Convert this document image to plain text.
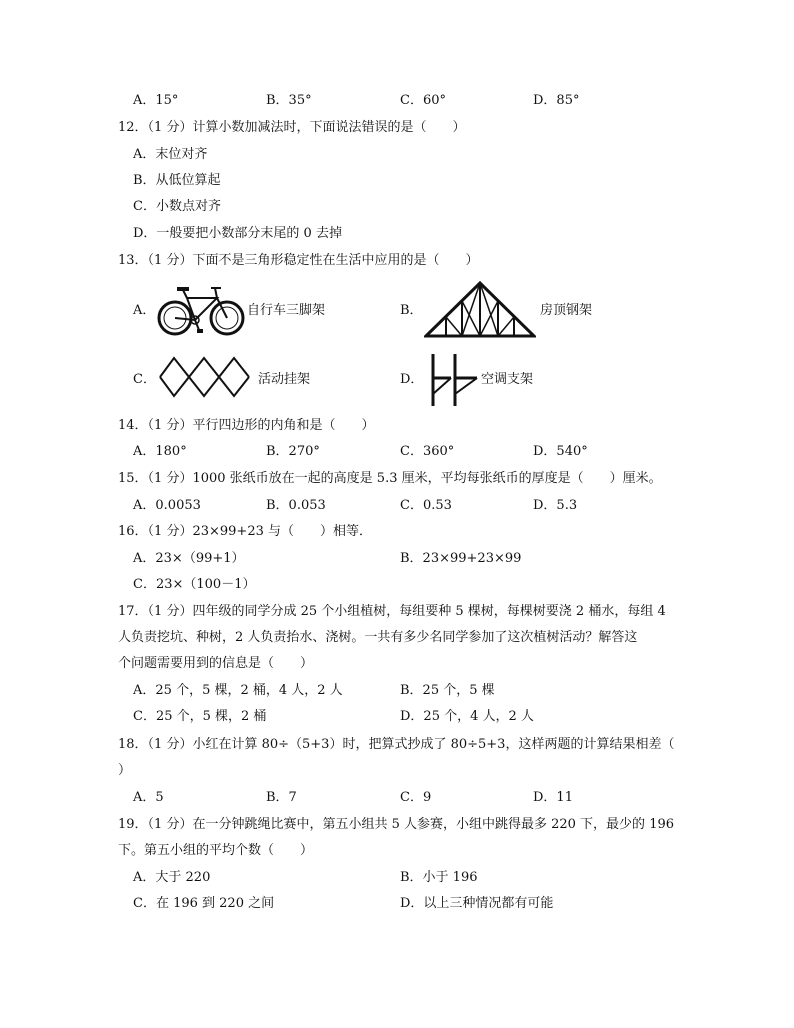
A．15°	B．35°	C．60°	D．85°
12．（1 分）计算小数加减法时，下面说法错误的是（　　）
A．末位对齐
B．从低位算起
C．小数点对齐
D．一般要把小数部分末尾的 0 去掉
13．（1 分）下面不是三角形稳定性在生活中应用的是（　　）
A．	自行车三脚架	B．	房顶钢架
C．	活动挂架	D．	空调支架
14．（1 分）平行四边形的内角和是（　　）
A．180°	B．270°	C．360°	D．540°
15．（1 分）1000 张纸币放在一起的高度是 5.3 厘米，平均每张纸币的厚度是（　　）厘米。
A．0.0053	B．0.053	C．0.53	D．5.3
16．（1 分）23×99+23 与（　　）相等．
A．23×（99+1）	B．23×99+23×99
C．23×（100－1）
17．（1 分）四年级的同学分成 25 个小组植树，每组要种 5 棵树，每棵树要浇 2 桶水，每组 4
人负责挖坑、种树，2 人负责抬水、浇树。一共有多少名同学参加了这次植树活动？解答这
个问题需要用到的信息是（　　）
A．25 个，5 棵，2 桶，4 人，2 人	B．25 个，5 棵
C．25 个，5 棵，2 桶	D．25 个，4 人，2 人
18．（1 分）小红在计算 80÷（5+3）时，把算式抄成了 80÷5+3，这样两题的计算结果相差（
）
A．5	B．7	C．9	D．11
19．（1 分）在一分钟跳绳比赛中，第五小组共 5 人参赛，小组中跳得最多 220 下，最少的 196
下。第五小组的平均个数（　　）
A．大于 220	B．小于 196
C．在 196 到 220 之间	D．以上三种情况都有可能
